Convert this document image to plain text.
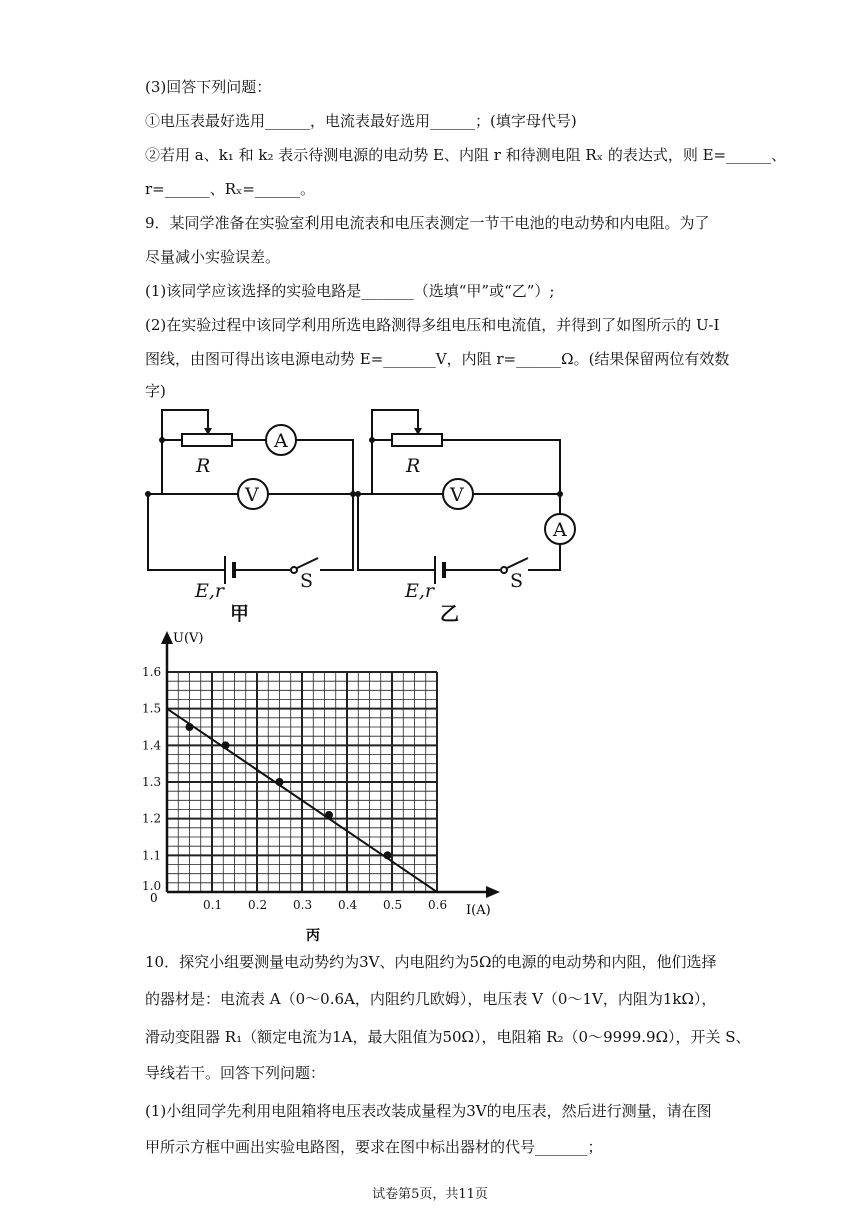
(3)回答下列问题：
①电压表最好选用______，电流表最好选用______；(填字母代号)
②若用 a、k₁ 和 k₂ 表示待测电源的电动势 E、内阻 r 和待测电阻 Rₓ 的表达式，则 E=______、
r=______、Rₓ=______。
9．某同学准备在实验室利用电流表和电压表测定一节干电池的电动势和内电阻。为了
尽量减小实验误差。
(1)该同学应该选择的实验电路是_______（选填“甲”或“乙”）;
(2)在实验过程中该同学利用所选电路测得多组电压和电流值，并得到了如图所示的 U-I
图线，由图可得出该电源电动势 E=_______V，内阻 r=______Ω。(结果保留两位有效数
字)
R
A
V
E,r	S
甲
R
V
A
E,r	S
乙
0.1 0.2 0.3 0.4 0.5 0.6
1.0
1.1
1.2
1.3
1.4
1.5
1.6
U(V)
I(A)
0
丙
10．探究小组要测量电动势约为3V、内电阻约为5Ω的电源的电动势和内阻，他们选择
的器材是：电流表 A（0～0.6A，内阻约几欧姆），电压表 V（0～1V，内阻为1kΩ），
滑动变阻器 R₁（额定电流为1A，最大阻值为50Ω），电阻箱 R₂（0～9999.9Ω），开关 S、
导线若干。回答下列问题：
(1)小组同学先利用电阻箱将电压表改装成量程为3V的电压表，然后进行测量，请在图
甲所示方框中画出实验电路图，要求在图中标出器材的代号_______；
试卷第5页，共11页
